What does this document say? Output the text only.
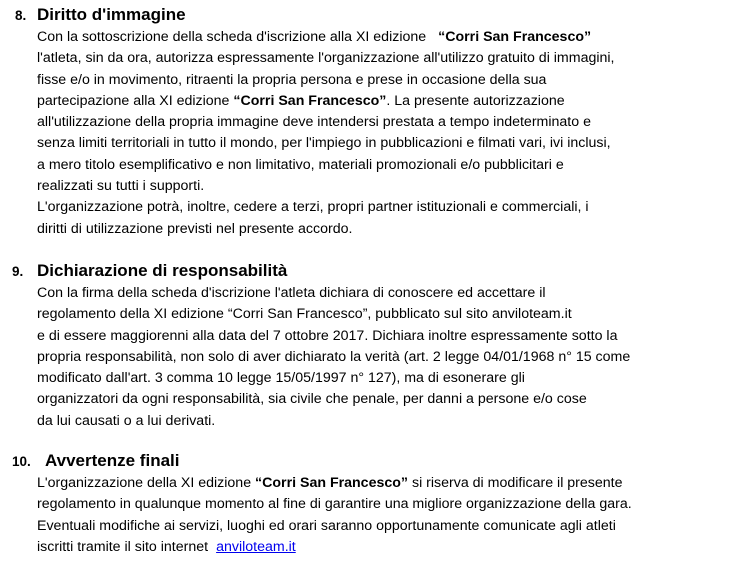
8. Diritto d'immagine
Con la sottoscrizione della scheda d'iscrizione alla XI edizione “Corri San Francesco”
l'atleta, sin da ora, autorizza espressamente l'organizzazione all'utilizzo gratuito di immagini,
fisse e/o in movimento, ritraenti la propria persona e prese in occasione della sua
partecipazione alla XI edizione “Corri San Francesco”. La presente autorizzazione
all'utilizzazione della propria immagine deve intendersi prestata a tempo indeterminato e
senza limiti territoriali in tutto il mondo, per l'impiego in pubblicazioni e filmati vari, ivi inclusi,
a mero titolo esemplificativo e non limitativo, materiali promozionali e/o pubblicitari e
realizzati su tutti i supporti.
L'organizzazione potrà, inoltre, cedere a terzi, propri partner istituzionali e commerciali, i
diritti di utilizzazione previsti nel presente accordo.
9. Dichiarazione di responsabilità
Con la firma della scheda d'iscrizione l'atleta dichiara di conoscere ed accettare il
regolamento della XI edizione “Corri San Francesco”, pubblicato sul sito anviloteam.it
e di essere maggiorenni alla data del 7 ottobre 2017. Dichiara inoltre espressamente sotto la
propria responsabilità, non solo di aver dichiarato la verità (art. 2 legge 04/01/1968 n° 15 come
modificato dall'art. 3 comma 10 legge 15/05/1997 n° 127), ma di esonerare gli
organizzatori da ogni responsabilità, sia civile che penale, per danni a persone e/o cose
da lui causati o a lui derivati.
10. Avvertenze finali
L'organizzazione della XI edizione “Corri San Francesco” si riserva di modificare il presente
regolamento in qualunque momento al fine di garantire una migliore organizzazione della gara.
Eventuali modifiche ai servizi, luoghi ed orari saranno opportunamente comunicate agli atleti
iscritti tramite il sito internet anviloteam.it
